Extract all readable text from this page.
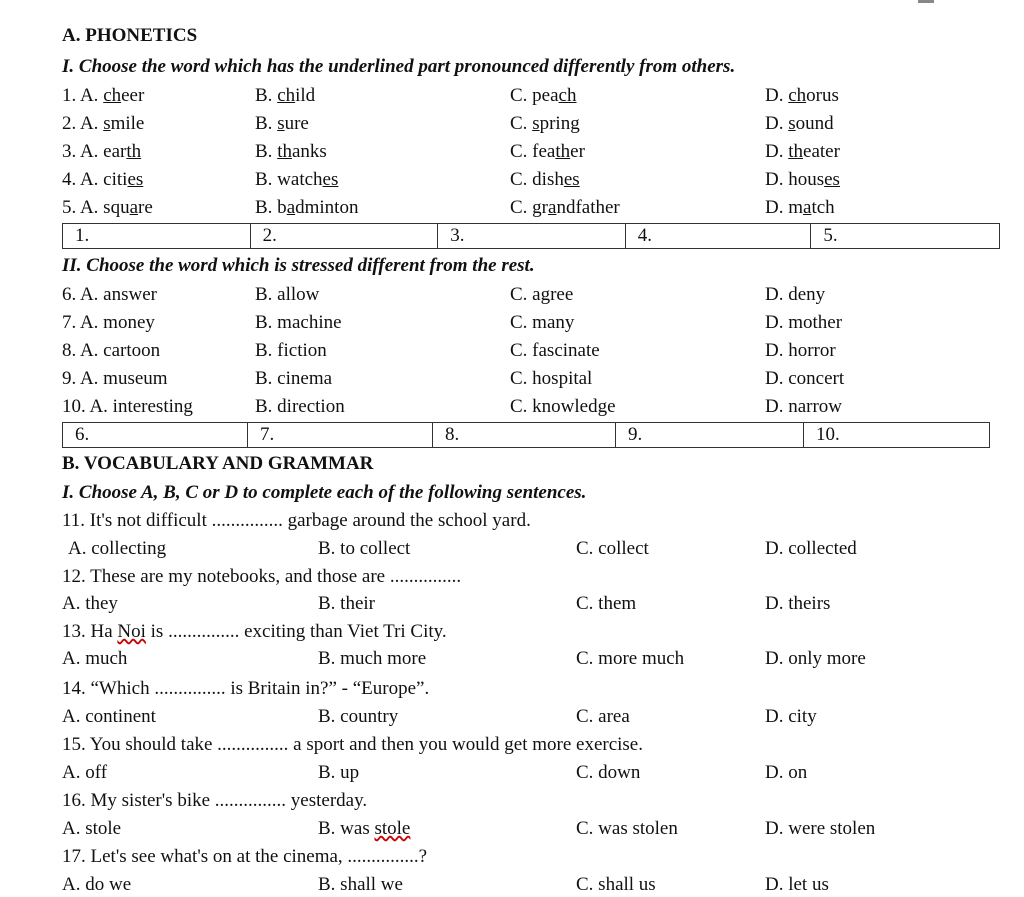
A. PHONETICS
I. Choose the word which has the underlined part pronounced differently from others.
1. A. cheer	B. child	C. peach	D. chorus
2. A. smile	B. sure	C. spring	D. sound
3. A. earth	B. thanks	C. feather	D. theater
4. A. cities	B. watches	C. dishes	D. houses
5. A. square	B. badminton	C. grandfather	D. match
1.	2.	3.	4.	5.
II. Choose the word which is stressed different from the rest.
6. A. answer	B. allow	C. agree	D. deny
7. A. money	B. machine	C. many	D. mother
8. A. cartoon	B. fiction	C. fascinate	D. horror
9. A. museum	B. cinema	C. hospital	D. concert
10. A. interesting	B. direction	C. knowledge	D. narrow
6.	7.	8.	9.	10.
B. VOCABULARY AND GRAMMAR
I. Choose A, B, C or D to complete each of the following sentences.
11. It's not difficult ............... garbage around the school yard.
A. collecting	B. to collect	C. collect	D. collected
12. These are my notebooks, and those are ...............
A. they	B. their	C. them	D. theirs
13. Ha Noi is ............... exciting than Viet Tri City.
A. much	B. much more	C. more much	D. only more
14. “Which ............... is Britain in?” - “Europe”.
A. continent	B. country	C. area	D. city
15. You should take ............... a sport and then you would get more exercise.
A. off	B. up	C. down	D. on
16. My sister's bike ............... yesterday.
A. stole	B. was stole	C. was stolen	D. were stolen
17. Let's see what's on at the cinema, ...............?
A. do we	B. shall we	C. shall us	D. let us
